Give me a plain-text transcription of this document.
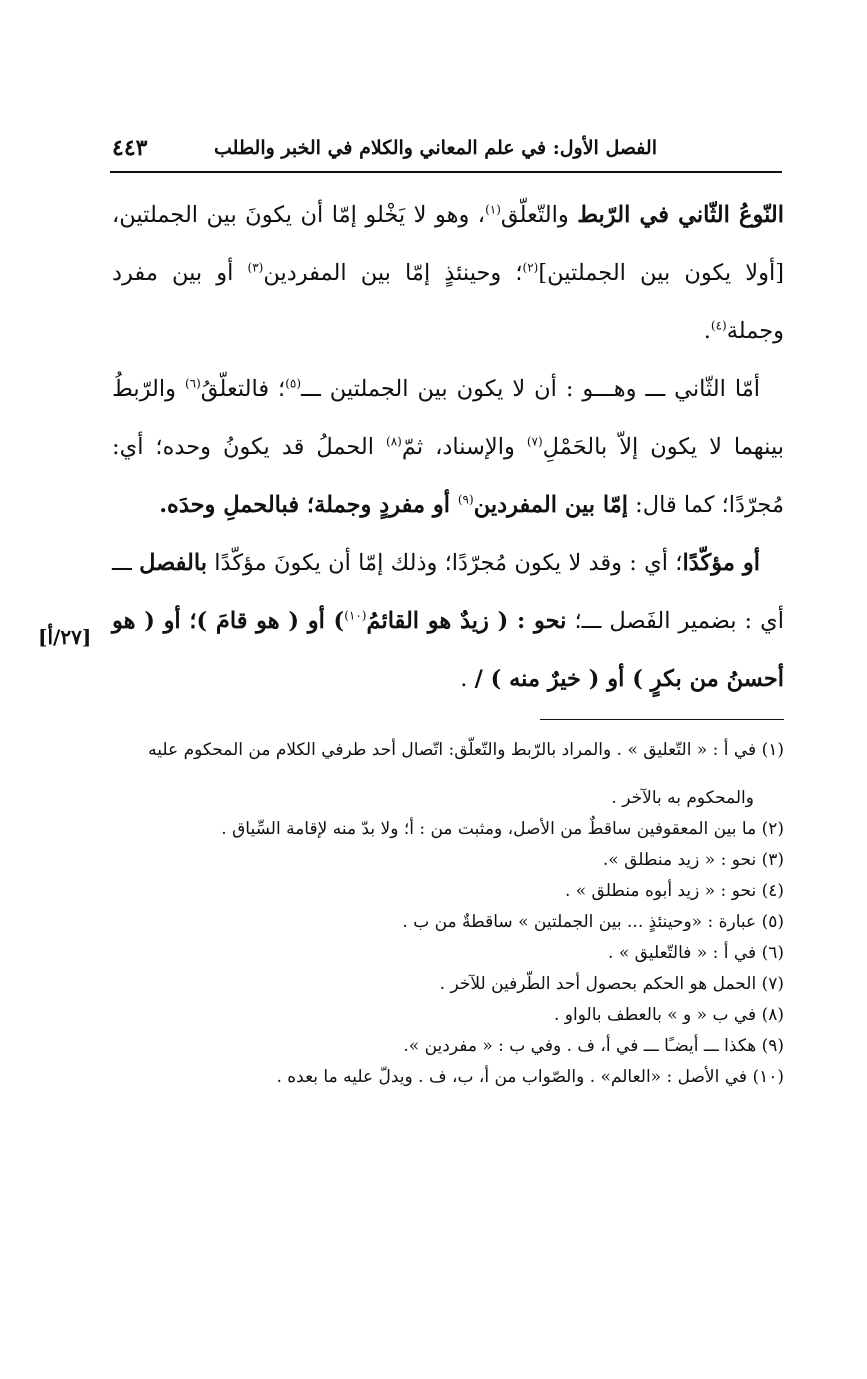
الفصل الأول: في علم المعاني والكلام في الخبر والطلب
٤٤٣

النّوعُ الثّاني في الرّبط والتّعلّق$^{(١)}$، وهو لا يَخْلو إمّا أن يكونَ بين الجملتين، [أولا يكون بين الجملتين]$^{(٢)}$؛ وحينئذٍ إمّا بين المفردين$^{(٣)}$ أو بين مفرد وجملة$^{(٤)}$.

أمّا الثّاني ـــ وهـــو : أن لا يكون بين الجملتين ـــ$^{(٥)}$؛ فالتعلّقُ$^{(٦)}$ والرّبطُ بينهما لا يكون إلاّ بالحَمْلِ$^{(٧)}$ والإسناد، ثمّ$^{(٨)}$ الحملُ قد يكونُ وحده؛ أي: مُجرّدًا؛ كما قال: إمّا بين المفردين$^{(٩)}$ أو مفردٍ وجملة؛ فبالحملِ وحدَه.

أو مؤكّدًا؛ أي : وقد لا يكون مُجرّدًا؛ وذلك إمّا أن يكونَ مؤكّدًا بالفصل ـــ أي : بضمير الفَصل ـــ؛ نحو : ( زيدٌ هو القائمُ$^{(١٠)}$) أو ( هو قامَ )؛ أو ( هو أحسنُ من بكرٍ ) أو ( خيرٌ منه ) / .

[٢٧/أ]

(١) في أ : « التّعليق » . والمراد بالرّبط والتّعلّق: اتّصال أحد طرفي الكلام من المحكوم عليه

والمحكوم به بالآخر .

(٢) ما بين المعقوفين ساقطٌ من الأصل، ومثبت من : أ؛ ولا بدّ منه لإقامة السِّياق .

(٣) نحو : « زيد منطلق ».

(٤) نحو : « زيد أبوه منطلق » .

(٥) عبارة : «وحينئذٍ ... بين الجملتين » ساقطةٌ من ب .

(٦) في أ : « فالتّعليق » .

(٧) الحمل هو الحكم بحصول أحد الطّرفين للآخر .

(٨) في ب « و » بالعطف بالواو .

(٩) هكذا ـــ أيضـًا ـــ في أ، ف . وفي ب : « مفردين ».

(١٠) في الأصل : «العالم» . والصّواب من أ، ب، ف . ويدلّ عليه ما بعده .
